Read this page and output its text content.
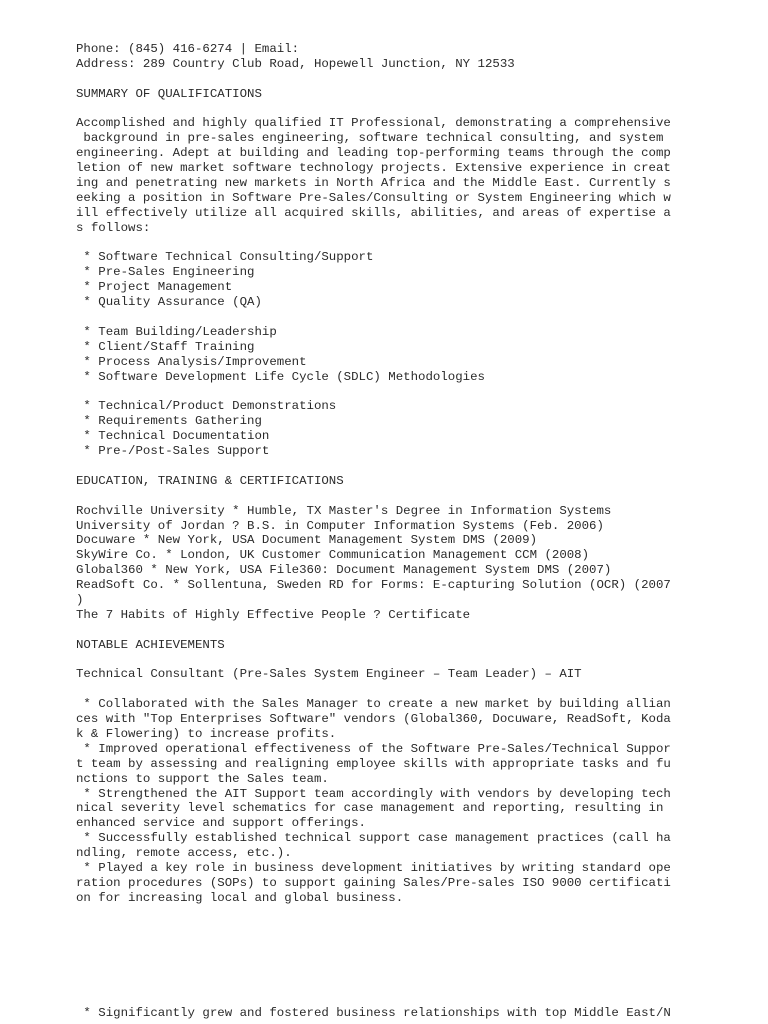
Phone: (845) 416-6274 | Email:
Address: 289 Country Club Road, Hopewell Junction, NY 12533
SUMMARY OF QUALIFICATIONS
Accomplished and highly qualified IT Professional, demonstrating a comprehensive
background in pre-sales engineering, software technical consulting, and system
engineering. Adept at building and leading top-performing teams through the comp
letion of new market software technology projects. Extensive experience in creat
ing and penetrating new markets in North Africa and the Middle East. Currently s
eeking a position in Software Pre-Sales/Consulting or System Engineering which w
ill effectively utilize all acquired skills, abilities, and areas of expertise a
s follows:
* Software Technical Consulting/Support
* Pre-Sales Engineering
* Project Management
* Quality Assurance (QA)
* Team Building/Leadership
* Client/Staff Training
* Process Analysis/Improvement
* Software Development Life Cycle (SDLC) Methodologies
* Technical/Product Demonstrations
* Requirements Gathering
* Technical Documentation
* Pre-/Post-Sales Support
EDUCATION, TRAINING & CERTIFICATIONS
Rochville University * Humble, TX Master's Degree in Information Systems
University of Jordan ? B.S. in Computer Information Systems (Feb. 2006)
Docuware * New York, USA Document Management System DMS (2009)
SkyWire Co. * London, UK Customer Communication Management CCM (2008)
Global360 * New York, USA File360: Document Management System DMS (2007)
ReadSoft Co. * Sollentuna, Sweden RD for Forms: E-capturing Solution (OCR) (2007
)
The 7 Habits of Highly Effective People ? Certificate
NOTABLE ACHIEVEMENTS
Technical Consultant (Pre-Sales System Engineer – Team Leader) – AIT
* Collaborated with the Sales Manager to create a new market by building allian
ces with "Top Enterprises Software" vendors (Global360, Docuware, ReadSoft, Koda
k & Flowering) to increase profits.
* Improved operational effectiveness of the Software Pre-Sales/Technical Suppor
t team by assessing and realigning employee skills with appropriate tasks and fu
nctions to support the Sales team.
* Strengthened the AIT Support team accordingly with vendors by developing tech
nical severity level schematics for case management and reporting, resulting in
enhanced service and support offerings.
* Successfully established technical support case management practices (call ha
ndling, remote access, etc.).
* Played a key role in business development initiatives by writing standard ope
ration procedures (SOPs) to support gaining Sales/Pre-sales ISO 9000 certificati
on for increasing local and global business.
* Significantly grew and fostered business relationships with top Middle East/N
